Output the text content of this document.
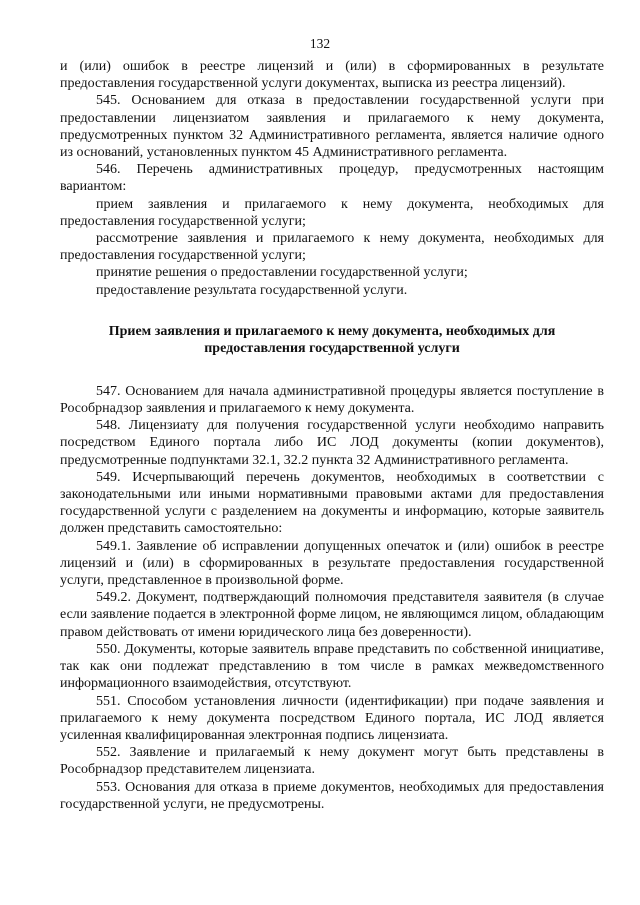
132

и (или) ошибок в реестре лицензий и (или) в сформированных в результате предоставления государственной услуги документах, выписка из реестра лицензий).

545. Основанием для отказа в предоставлении государственной услуги при предоставлении лицензиатом заявления и прилагаемого к нему документа, предусмотренных пунктом 32 Административного регламента, является наличие одного из оснований, установленных пунктом 45 Административного регламента.

546. Перечень административных процедур, предусмотренных настоящим вариантом:

прием заявления и прилагаемого к нему документа, необходимых для предоставления государственной услуги;

рассмотрение заявления и прилагаемого к нему документа, необходимых для предоставления государственной услуги;

принятие решения о предоставлении государственной услуги;

предоставление результата государственной услуги.

Прием заявления и прилагаемого к нему документа, необходимых для предоставления государственной услуги

547. Основанием для начала административной процедуры является поступление в Рособрнадзор заявления и прилагаемого к нему документа.

548. Лицензиату для получения государственной услуги необходимо направить посредством Единого портала либо ИС ЛОД документы (копии документов), предусмотренные подпунктами 32.1, 32.2 пункта 32 Административного регламента.

549. Исчерпывающий перечень документов, необходимых в соответствии с законодательными или иными нормативными правовыми актами для предоставления государственной услуги с разделением на документы и информацию, которые заявитель должен представить самостоятельно:

549.1. Заявление об исправлении допущенных опечаток и (или) ошибок в реестре лицензий и (или) в сформированных в результате предоставления государственной услуги, представленное в произвольной форме.

549.2. Документ, подтверждающий полномочия представителя заявителя (в случае если заявление подается в электронной форме лицом, не являющимся лицом, обладающим правом действовать от имени юридического лица без доверенности).

550. Документы, которые заявитель вправе представить по собственной инициативе, так как они подлежат представлению в том числе в рамках межведомственного информационного взаимодействия, отсутствуют.

551. Способом установления личности (идентификации) при подаче заявления и прилагаемого к нему документа посредством Единого портала, ИС ЛОД является усиленная квалифицированная электронная подпись лицензиата.

552. Заявление и прилагаемый к нему документ могут быть представлены в Рособрнадзор представителем лицензиата.

553. Основания для отказа в приеме документов, необходимых для предоставления государственной услуги, не предусмотрены.
